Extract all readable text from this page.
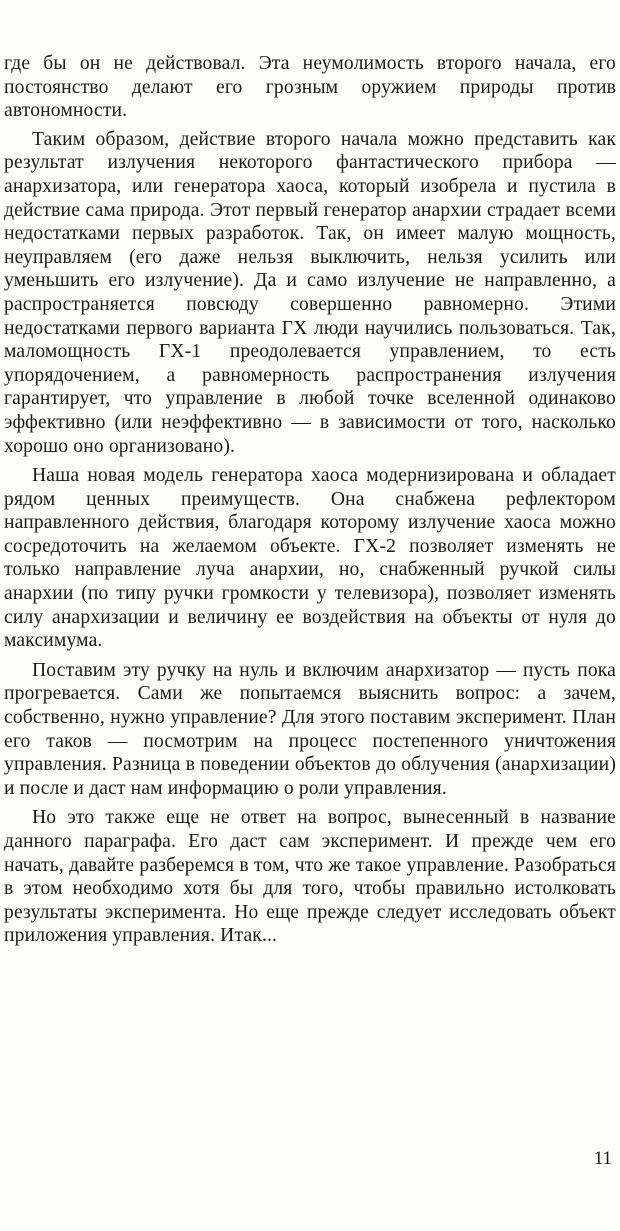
где бы он не действовал. Эта неумолимость второго начала, его постоянство делают его грозным оружием природы против автономности.

Таким образом, действие второго начала можно представить как результат излучения некоторого фантастического прибора — анархизатора, или генератора хаоса, который изобрела и пустила в действие сама природа. Этот первый генератор анархии страдает всеми недостатками первых разработок. Так, он имеет малую мощность, неуправляем (его даже нельзя выключить, нельзя усилить или уменьшить его излучение). Да и само излучение не направленно, а распространяется повсюду совершенно равномерно. Этими недостатками первого варианта ГХ люди научились пользоваться. Так, маломощность ГХ-1 преодолевается управлением, то есть упорядочением, а равномерность распространения излучения гарантирует, что управление в любой точке вселенной одинаково эффективно (или неэффективно — в зависимости от того, насколько хорошо оно организовано).

Наша новая модель генератора хаоса модернизирована и обладает рядом ценных преимуществ. Она снабжена рефлектором направленного действия, благодаря которому излучение хаоса можно сосредоточить на желаемом объекте. ГХ-2 позволяет изменять не только направление луча анархии, но, снабженный ручкой силы анархии (по типу ручки громкости у телевизора), позволяет изменять силу анархизации и величину ее воздействия на объекты от нуля до максимума.

Поставим эту ручку на нуль и включим анархизатор — пусть пока прогревается. Сами же попытаемся выяснить вопрос: а зачем, собственно, нужно управление? Для этого поставим эксперимент. План его таков — посмотрим на процесс постепенного уничтожения управления. Разница в поведении объектов до облучения (анархизации) и после и даст нам информацию о роли управления.

Но это также еще не ответ на вопрос, вынесенный в название данного параграфа. Его даст сам эксперимент. И прежде чем его начать, давайте разберемся в том, что же такое управление. Разобраться в этом необходимо хотя бы для того, чтобы правильно истолковать результаты эксперимента. Но еще прежде следует исследовать объект приложения управления. Итак...

11
